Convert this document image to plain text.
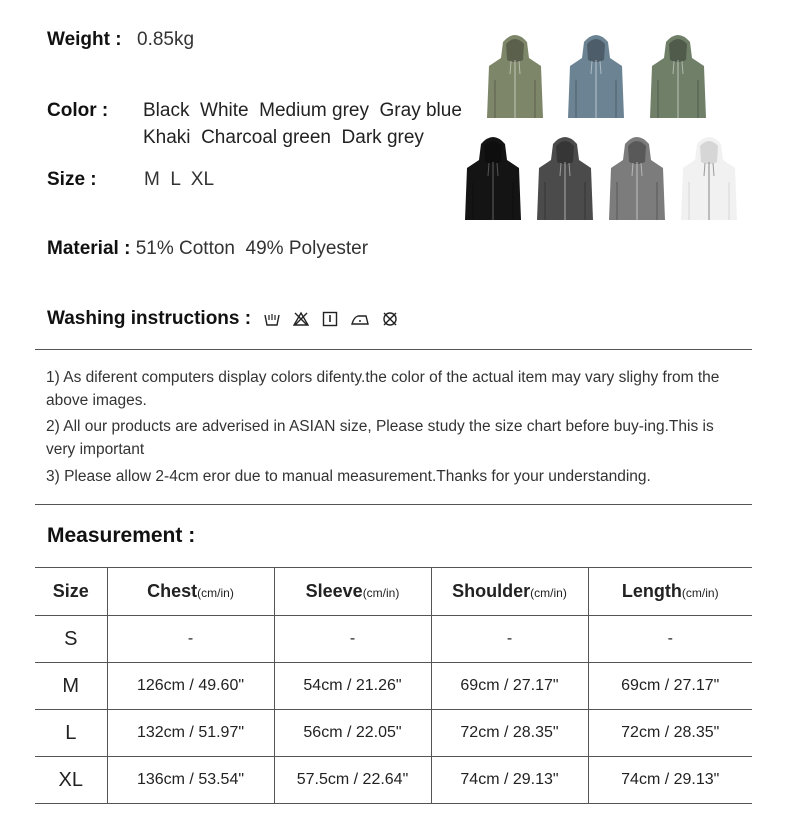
Weight : 0.85kg
Color : Black  White  Medium grey  Gray blue
Khaki  Charcoal green  Dark grey
Size : M  L  XL
Material : 51% Cotton  49% Polyester
Washing instructions :
1) As diferent computers display colors difenty.the color of the actual item may vary slighy from the above images.
2) All our products are adverised in ASIAN size, Please study the size chart before buy-ing.This is very important
3) Please allow 2-4cm eror due to manual measurement.Thanks for your understanding.
Measurement :
Size	Chest(cm/in)	Sleeve(cm/in)	Shoulder(cm/in)	Length(cm/in)
S	-	-	-	-
M	126cm / 49.60"	54cm / 21.26"	69cm / 27.17"	69cm / 27.17"
L	132cm / 51.97"	56cm / 22.05"	72cm / 28.35"	72cm / 28.35"
XL	136cm / 53.54"	57.5cm / 22.64"	74cm / 29.13"	74cm / 29.13"
